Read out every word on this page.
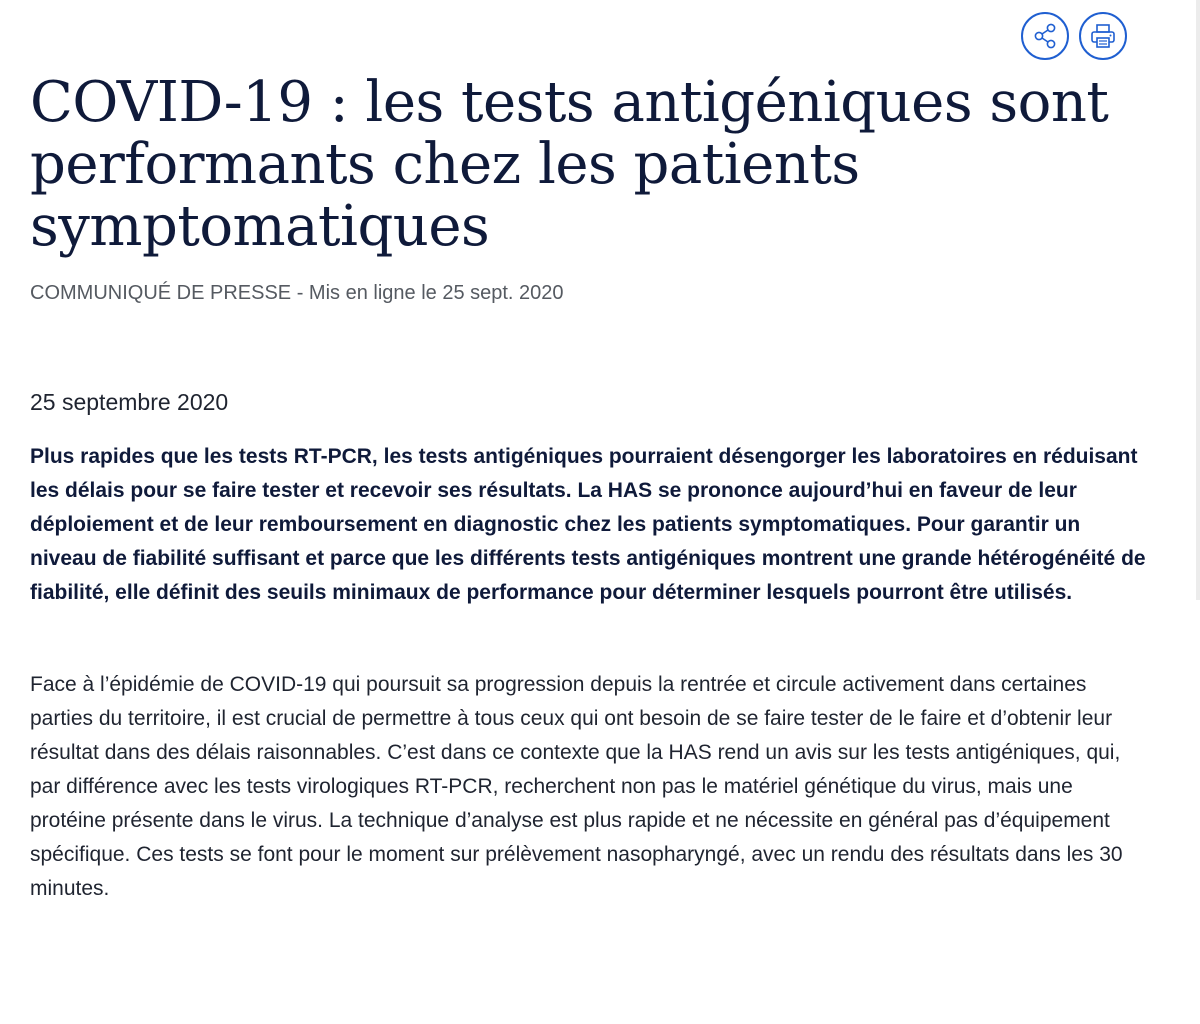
COVID-19 : les tests antigéniques sont
performants chez les patients
symptomatiques
COMMUNIQUÉ DE PRESSE - Mis en ligne le 25 sept. 2020
25 septembre 2020

Plus rapides que les tests RT-PCR, les tests antigéniques pourraient désengorger les laboratoires en réduisant les délais pour se faire tester et recevoir ses résultats. La HAS se prononce aujourd’hui en faveur de leur déploiement et de leur remboursement en diagnostic chez les patients symptomatiques. Pour garantir un niveau de fiabilité suffisant et parce que les différents tests antigéniques montrent une grande hétérogénéité de fiabilité, elle définit des seuils minimaux de performance pour déterminer lesquels pourront être utilisés.

Face à l’épidémie de COVID-19 qui poursuit sa progression depuis la rentrée et circule activement dans certaines parties du territoire, il est crucial de permettre à tous ceux qui ont besoin de se faire tester de le faire et d’obtenir leur résultat dans des délais raisonnables. C’est dans ce contexte que la HAS rend un avis sur les tests antigéniques, qui, par différence avec les tests virologiques RT-PCR, recherchent non pas le matériel génétique du virus, mais une protéine présente dans le virus. La technique d’analyse est plus rapide et ne nécessite en général pas d’équipement spécifique. Ces tests se font pour le moment sur prélèvement nasopharyngé, avec un rendu des résultats dans les 30 minutes.
